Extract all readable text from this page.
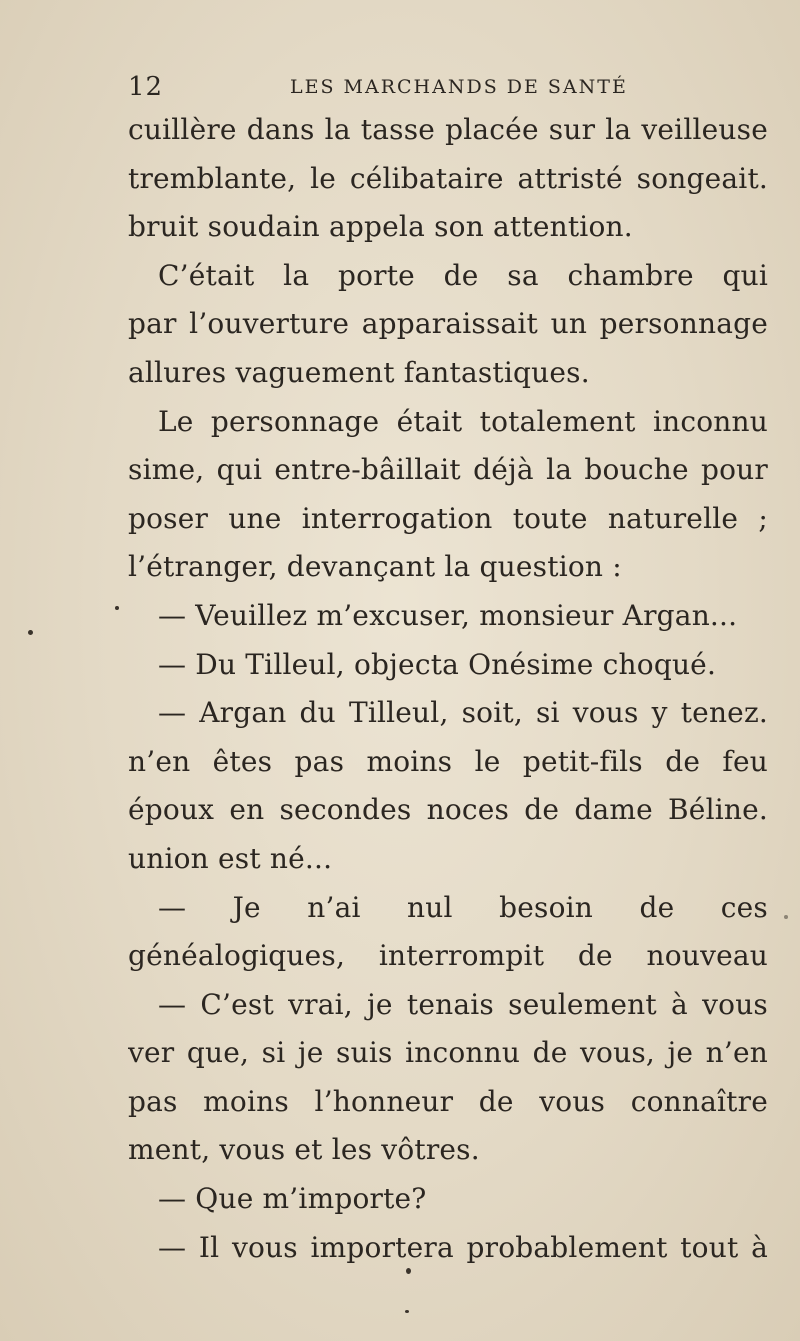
12	LES MARCHANDS DE SANTÉ
cuillère dans la tasse placée sur la veilleuse
tremblante, le célibataire attristé songeait.
bruit soudain appela son attention.
C’était la porte de sa chambre qui
par l’ouverture apparaissait un personnage
allures vaguement fantastiques.
Le personnage était totalement inconnu
sime, qui entre-bâillait déjà la bouche pour
poser une interrogation toute naturelle ;
l’étranger, devançant la question :
— Veuillez m’excuser, monsieur Argan...
— Du Tilleul, objecta Onésime choqué.
— Argan du Tilleul, soit, si vous y tenez.
n’en êtes pas moins le petit-fils de feu
époux en secondes noces de dame Béline.
union est né...
— Je n’ai nul besoin de ces
généalogiques, interrompit de nouveau
— C’est vrai, je tenais seulement à vous
ver que, si je suis inconnu de vous, je n’en
pas moins l’honneur de vous connaître
ment, vous et les vôtres.
— Que m’importe?
— Il vous importera probablement tout à
